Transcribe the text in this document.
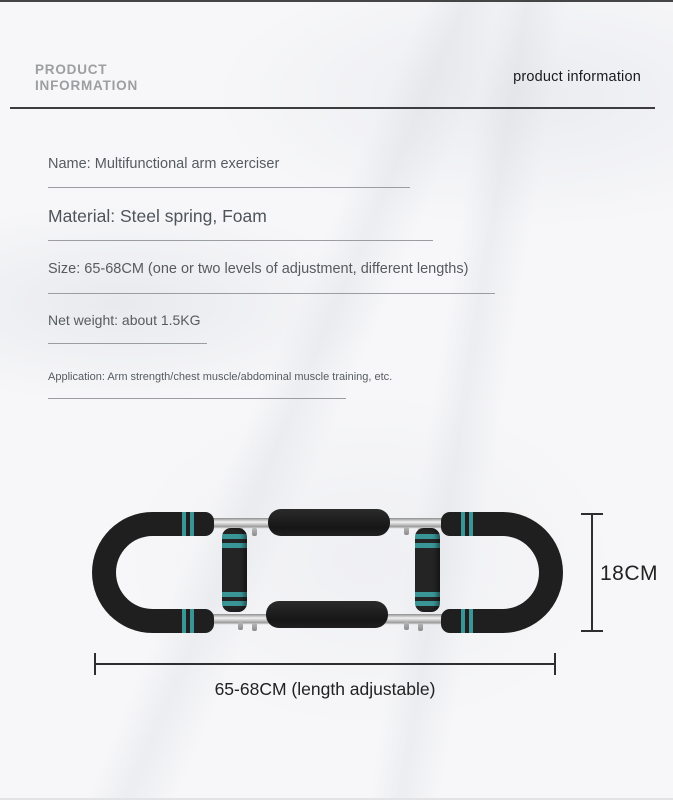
PRODUCT
INFORMATION
product information
Name: Multifunctional arm exerciser
Material: Steel spring, Foam
Size: 65-68CM (one or two levels of adjustment, different lengths)
Net weight: about 1.5KG
Application: Arm strength/chest muscle/abdominal muscle training, etc.
18CM
65-68CM (length adjustable)
